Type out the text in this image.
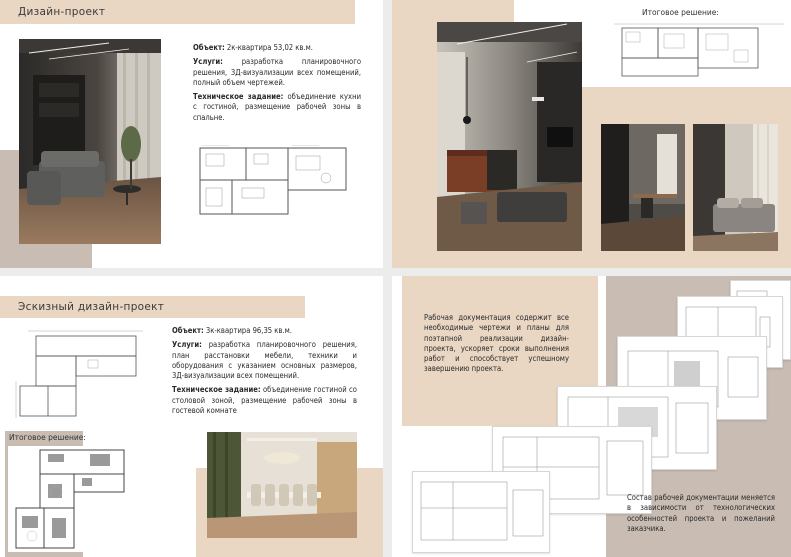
Дизайн-проект

Объект: 2к-квартира 53,02 кв.м.

Услуги: разработка планировочного решения, 3Д-визуализации всех помещений, полный объем чертежей.

Техническое задание: объединение кухни с гостиной, размещение рабочей зоны в спальне.

—————————	—————————
Итоговое решение:
Эскизный дизайн-проект
Итоговое решение:

Объект: 3к-квартира 96,35 кв.м.

Услуги: разработка планировочного решения, план расстановки мебели, техники и оборудования с указанием основных размеров, 3Д-визуализации всех помещений.

Техническое задание: объединение гостиной со столовой зоной, размещение рабочей зоны в гостевой комнате

Рабочая документация содержит все необходимые чертежи и планы для поэтапной реализации дизайн-проекта, ускоряет сроки выполнения работ и способствует успешному завершению проекта.
Состав рабочей документации меняется в зависимости от технологических особенностей проекта и пожеланий заказчика.
